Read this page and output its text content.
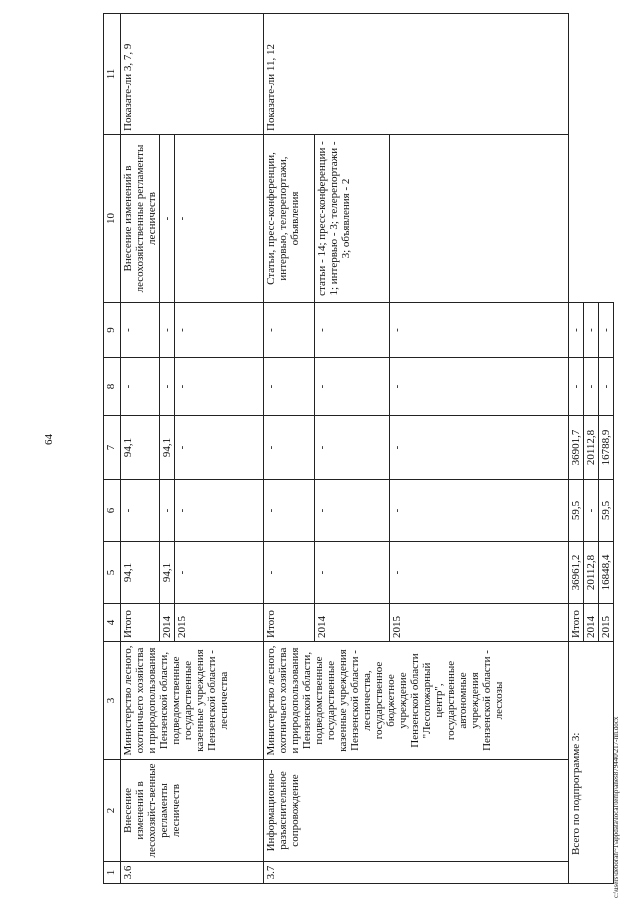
64
1	2	3	4	5	6	7	8	9	10	11
3.6	Внесение изменений в лесохозяйст-венные регламенты лесничеств	Министерство лесного, охотничьего хозяйства и природопользования Пензенской области, подведомственные государственные казенные учреждения Пензенской области - лесничества	Итого	94,1	-	94,1	-	-	Внесение изменений в лесохозяйственные регламенты лесничеств	Показате-ли 3, 7, 9
			2014	94,1	-	94,1	-	-	-	
			2015	-	-	-	-	-	-	
3.7	Информационно-разъяснительное сопровождение	Министерство лесного, охотничьего хозяйства и природопользования Пензенской области, подведомственные государственные казенные учреждения Пензенской области - лесничества, государственное бюджетное учреждение Пензенской области "Лесопожарный центр", государственные автономные учреждения Пензенской области - лесхозы	Итого	-	-	-	-	-	Статьи, пресс-конференции, интервью, телерепортажи, объявления	Показате-ли 11, 12
			2014	-	-	-	-	-	статьи - 14; пресс-конференции - 1; интервью - 3; телерепортажи - 3; объявления - 2	
			2015	-	-	-	-	-		
Всего по подпрограмме 3:			Итого	36961,2	59,5	36901,7	-	-		
			2014	20112,8	-	20112,8	-	-		
			2015	16848,4	59,5	16788,9	-	-		
c:\users\deborah~1\appdata\local\temp\anes879440\217-пп.docx
